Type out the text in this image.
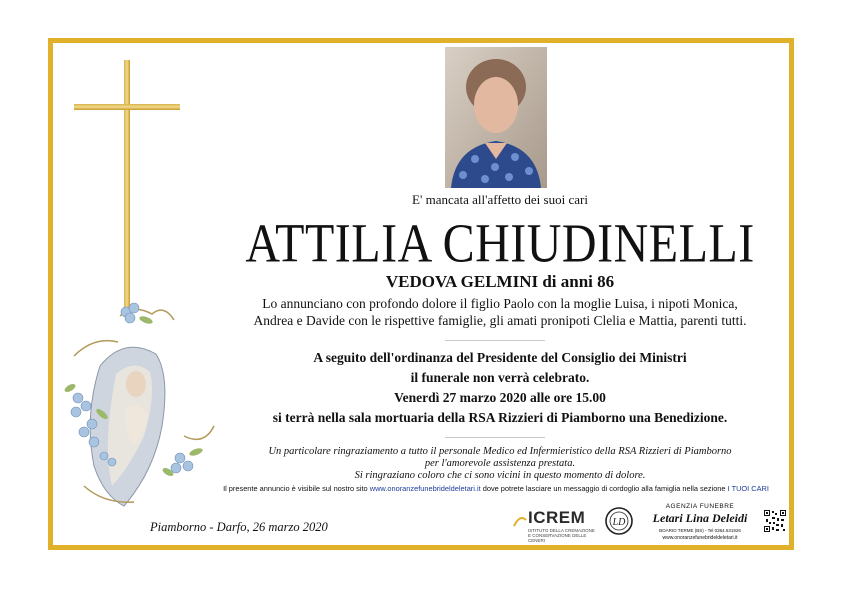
E' mancata all'affetto dei suoi cari
ATTILIA CHIUDINELLI
VEDOVA GELMINI di anni 86
Lo annunciano con profondo dolore il figlio Paolo con la moglie Luisa, i nipoti Monica,
Andrea e Davide con le rispettive famiglie, gli amati pronipoti Clelia e Mattia, parenti tutti.
A seguito dell'ordinanza del Presidente del Consiglio dei Ministri
il funerale non verrà celebrato.
Venerdì 27 marzo 2020 alle ore 15.00
si terrà nella sala mortuaria della RSA Rizzieri di Piamborno una Benedizione.
Un particolare ringraziamento a tutto il personale Medico ed Infermieristico della RSA Rizzieri di Piamborno
per l'amorevole assistenza prestata.
Si ringraziano coloro che ci sono vicini in questo momento di dolore.
Il presente annuncio è visibile sul nostro sito www.onoranzefunebrideldeletari.it dove potrete lasciare un messaggio di cordoglio alla famiglia nella sezione I TUOI CARI
Piamborno - Darfo, 26 marzo 2020	ICREM
ISTITUTO DELLA CREMAZIONE E CONSERVAZIONE DELLE CENERI
LD
AGENZIA FUNEBRE
Letari Lina Deleidi
BOARIO TERME (BS) - Tel 0364.531926
www.onoranzefunebrideldeletari.it
